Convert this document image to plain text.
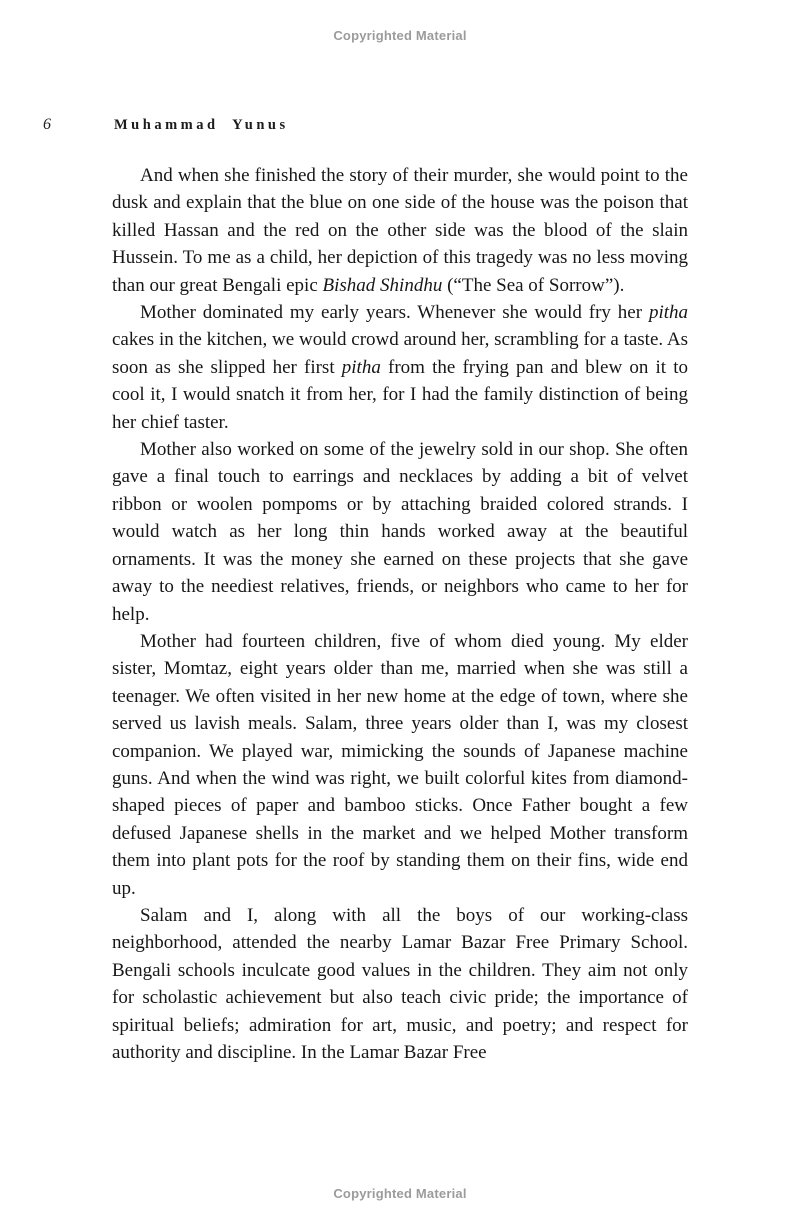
Copyrighted Material
6	Muhammad Yunus

And when she finished the story of their murder, she would point to the dusk and explain that the blue on one side of the house was the poison that killed Hassan and the red on the other side was the blood of the slain Hussein. To me as a child, her depiction of this tragedy was no less moving than our great Bengali epic Bishad Shindhu (“The Sea of Sorrow”).

Mother dominated my early years. Whenever she would fry her pitha cakes in the kitchen, we would crowd around her, scrambling for a taste. As soon as she slipped her first pitha from the frying pan and blew on it to cool it, I would snatch it from her, for I had the family distinction of being her chief taster.

Mother also worked on some of the jewelry sold in our shop. She often gave a final touch to earrings and necklaces by adding a bit of velvet ribbon or woolen pompoms or by attaching braided colored strands. I would watch as her long thin hands worked away at the beautiful ornaments. It was the money she earned on these projects that she gave away to the neediest relatives, friends, or neighbors who came to her for help.

Mother had fourteen children, five of whom died young. My elder sister, Momtaz, eight years older than me, married when she was still a teenager. We often visited in her new home at the edge of town, where she served us lavish meals. Salam, three years older than I, was my closest companion. We played war, mimicking the sounds of Japanese machine guns. And when the wind was right, we built colorful kites from diamond-shaped pieces of paper and bamboo sticks. Once Father bought a few defused Japanese shells in the market and we helped Mother transform them into plant pots for the roof by standing them on their fins, wide end up.

Salam and I, along with all the boys of our working-class neighborhood, attended the nearby Lamar Bazar Free Primary School. Bengali schools inculcate good values in the children. They aim not only for scholastic achievement but also teach civic pride; the importance of spiritual beliefs; admiration for art, music, and poetry; and respect for authority and discipline. In the Lamar Bazar Free

Copyrighted Material
